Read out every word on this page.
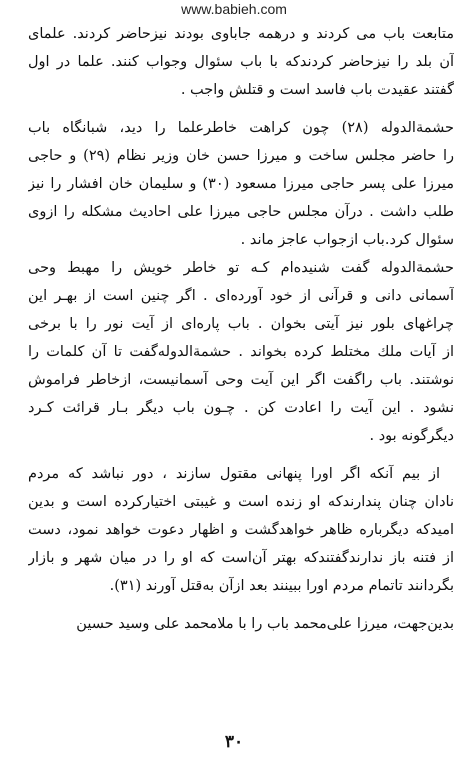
www.babieh.com
متابعت باب می کردند و درهمه جاباوی بودند نیزحاضر کردند. علمای
آن بلد را نیزحاضر کردندکه با باب سئوال وجواب کنند. علما در اول
گفتند عقیدت باب فاسد است و قتلش واجب .
حشمةالدوله (۲۸) چون کراهت خاطرعلما را دید، شبانگاه باب
را حاضر مجلس ساخت و میرزا حسن خان وزیر نظام (۲۹) و حاجی
میرزا علی پسر حاجی میرزا مسعود (۳۰) و سلیمان خان افشار را نیز
طلب داشت . درآن مجلس حاجی میرزا علی احادیث مشکله را ازوی
سئوال کرد.باب ازجواب عاجز ماند .
حشمةالدوله گفت شنیده‌ام کـه تو خاطر خویش را مهبط وحی
آسمانی دانی و قرآنی از خود آورده‌ای . اگر چنین است از بهـر این
چراغهای بلور نیز آیتی بخوان . باب پاره‌ای از آیت نور را با برخی
از آیات ملك مختلط کرده بخواند . حشمةالدوله‌گفت تا آن کلمات را
نوشتند. باب راگفت اگر این آیت وحی آسمانیست، ازخاطر فراموش
نشود . این آیت را اعادت کن . چـون باب دیگر بـار قرائت کـرد
دیگرگونه بود .
از بیم آنکه اگر اورا پنهانی مقتول سازند ، دور نباشد که مردم
نادان چنان پندارندکه او زنده است و غیبتی اختیارکرده است و بدین
امیدکه دیگرباره ظاهر خواهدگشت و اظهار دعوت خواهد نمود، دست
از فتنه باز ندارندگفتندکه بهتر آن‌است که او را در میان شهر و بازار
بگردانند تاتمام مردم اورا ببینند بعد ازآن به‌قتل آورند (۳۱).
بدین‌جهت، میرزا علی‌محمد باب را با ملامحمد علی وسید حسین
۳۰
